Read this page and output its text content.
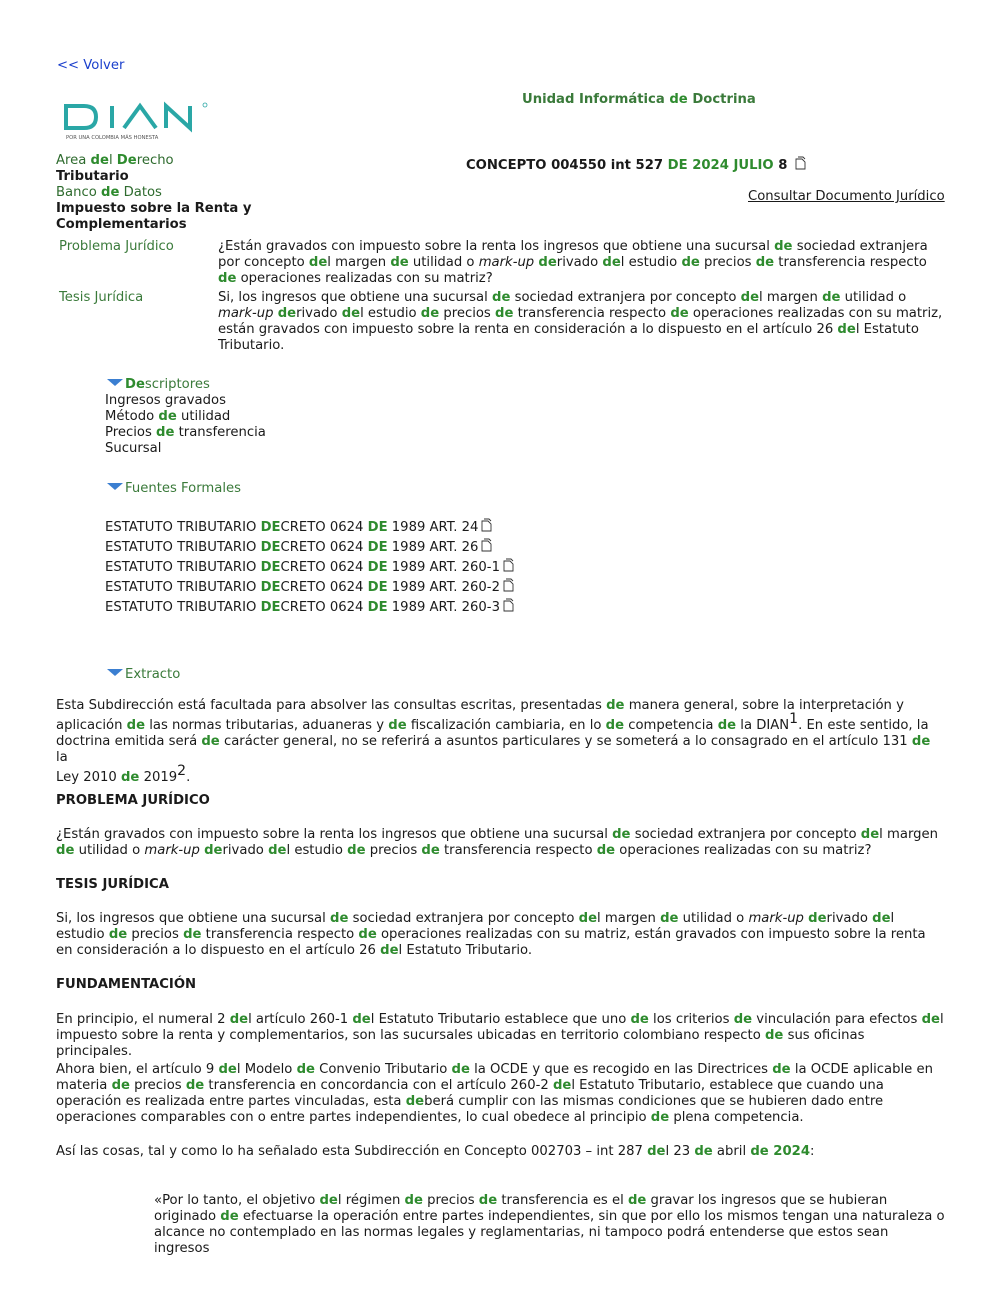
<< Volver
POR UNA COLOMBIA MÁS HONESTA
Unidad Informática de Doctrina
Area del Derecho
Tributario
Banco de Datos
Impuesto sobre la Renta y
Complementarios
CONCEPTO 004550 int 527 DE 2024 JULIO 8
Consultar Documento Jurídico
Problema Jurídico	¿Están gravados con impuesto sobre la renta los ingresos que obtiene una sucursal de sociedad extranjera por concepto del margen de utilidad o mark-up derivado del estudio de precios de transferencia respecto de operaciones realizadas con su matriz?
Tesis Jurídica	Si, los ingresos que obtiene una sucursal de sociedad extranjera por concepto del margen de utilidad o mark-up derivado del estudio de precios de transferencia respecto de operaciones realizadas con su matriz, están gravados con impuesto sobre la renta en consideración a lo dispuesto en el artículo 26 del Estatuto Tributario.
Descriptores
Ingresos gravados
Método de utilidad
Precios de transferencia
Sucursal
Fuentes Formales
ESTATUTO TRIBUTARIO DECRETO 0624 DE 1989 ART. 24
ESTATUTO TRIBUTARIO DECRETO 0624 DE 1989 ART. 26
ESTATUTO TRIBUTARIO DECRETO 0624 DE 1989 ART. 260-1
ESTATUTO TRIBUTARIO DECRETO 0624 DE 1989 ART. 260-2
ESTATUTO TRIBUTARIO DECRETO 0624 DE 1989 ART. 260-3
Extracto
Esta Subdirección está facultada para absolver las consultas escritas, presentadas de manera general, sobre la interpretación y
aplicación de las normas tributarias, aduaneras y de fiscalización cambiaria, en lo de competencia de la DIAN1. En este sentido, la
doctrina emitida será de carácter general, no se referirá a asuntos particulares y se someterá a lo consagrado en el artículo 131 de la
Ley 2010 de 20192.
PROBLEMA JURÍDICO
¿Están gravados con impuesto sobre la renta los ingresos que obtiene una sucursal de sociedad extranjera por concepto del margen de utilidad o mark-up derivado del estudio de precios de transferencia respecto de operaciones realizadas con su matriz?
TESIS JURÍDICA
Si, los ingresos que obtiene una sucursal de sociedad extranjera por concepto del margen de utilidad o mark-up derivado del estudio de precios de transferencia respecto de operaciones realizadas con su matriz, están gravados con impuesto sobre la renta en consideración a lo dispuesto en el artículo 26 del Estatuto Tributario.
FUNDAMENTACIÓN
En principio, el numeral 2 del artículo 260-1 del Estatuto Tributario establece que uno de los criterios de vinculación para efectos del impuesto sobre la renta y complementarios, son las sucursales ubicadas en territorio colombiano respecto de sus oficinas principales.
Ahora bien, el artículo 9 del Modelo de Convenio Tributario de la OCDE y que es recogido en las Directrices de la OCDE aplicable en materia de precios de transferencia en concordancia con el artículo 260-2 del Estatuto Tributario, establece que cuando una operación es realizada entre partes vinculadas, esta deberá cumplir con las mismas condiciones que se hubieren dado entre operaciones comparables con o entre partes independientes, lo cual obedece al principio de plena competencia.
Así las cosas, tal y como lo ha señalado esta Subdirección en Concepto 002703 – int 287 del 23 de abril de 2024:
«Por lo tanto, el objetivo del régimen de precios de transferencia es el de gravar los ingresos que se hubieran originado de efectuarse la operación entre partes independientes, sin que por ello los mismos tengan una naturaleza o alcance no contemplado en las normas legales y reglamentarias, ni tampoco podrá entenderse que estos sean ingresos
